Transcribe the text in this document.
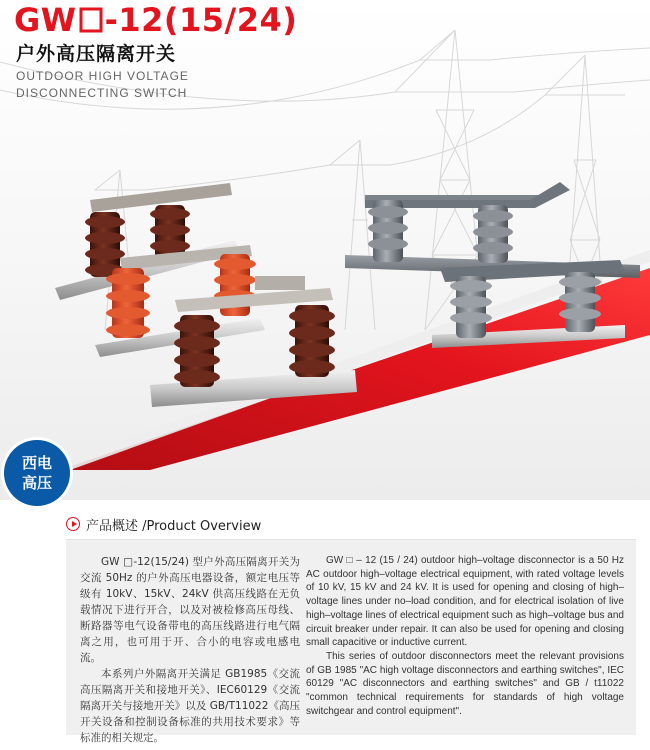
GW -12(15/24)
户外高压隔离开关
OUTDOOR HIGH VOLTAGE
DISCONNECTING SWITCH
西电
高压
产品概述 /Product Overview

GW □-12(15/24) 型户外高压隔离开关为交流 50Hz 的户外高压电器设备，额定电压等级有 10kV、15kV、24kV 供高压线路在无负载情况下进行开合，以及对被检修高压母线、断路器等电气设备带电的高压线路进行电气隔离之用，也可用于开、合小的电容或电感电流。

本系列户外隔离开关满足 GB1985《交流高压隔离开关和接地开关》、IEC60129《交流隔离开关与接地开关》以及 GB/T11022《高压开关设备和控制设备标准的共用技术要求》等标准的相关规定。

GW □ – 12 (15 / 24) outdoor high–voltage disconnector is a 50 Hz AC outdoor high–voltage electrical equipment, with rated voltage levels of 10 kV, 15 kV and 24 kV. It is used for opening and closing of high–voltage lines under no–load condition, and for electrical isolation of live high–voltage lines of electrical equipment such as high–voltage bus and circuit breaker under repair. It can also be used for opening and closing small capacitive or inductive current.

This series of outdoor disconnectors meet the relevant provisions of GB 1985 "AC high voltage disconnectors and earthing switches", IEC 60129 "AC disconnectors and earthing switches" and GB / t11022 "common technical requirements for standards of high voltage switchgear and control equipment".
